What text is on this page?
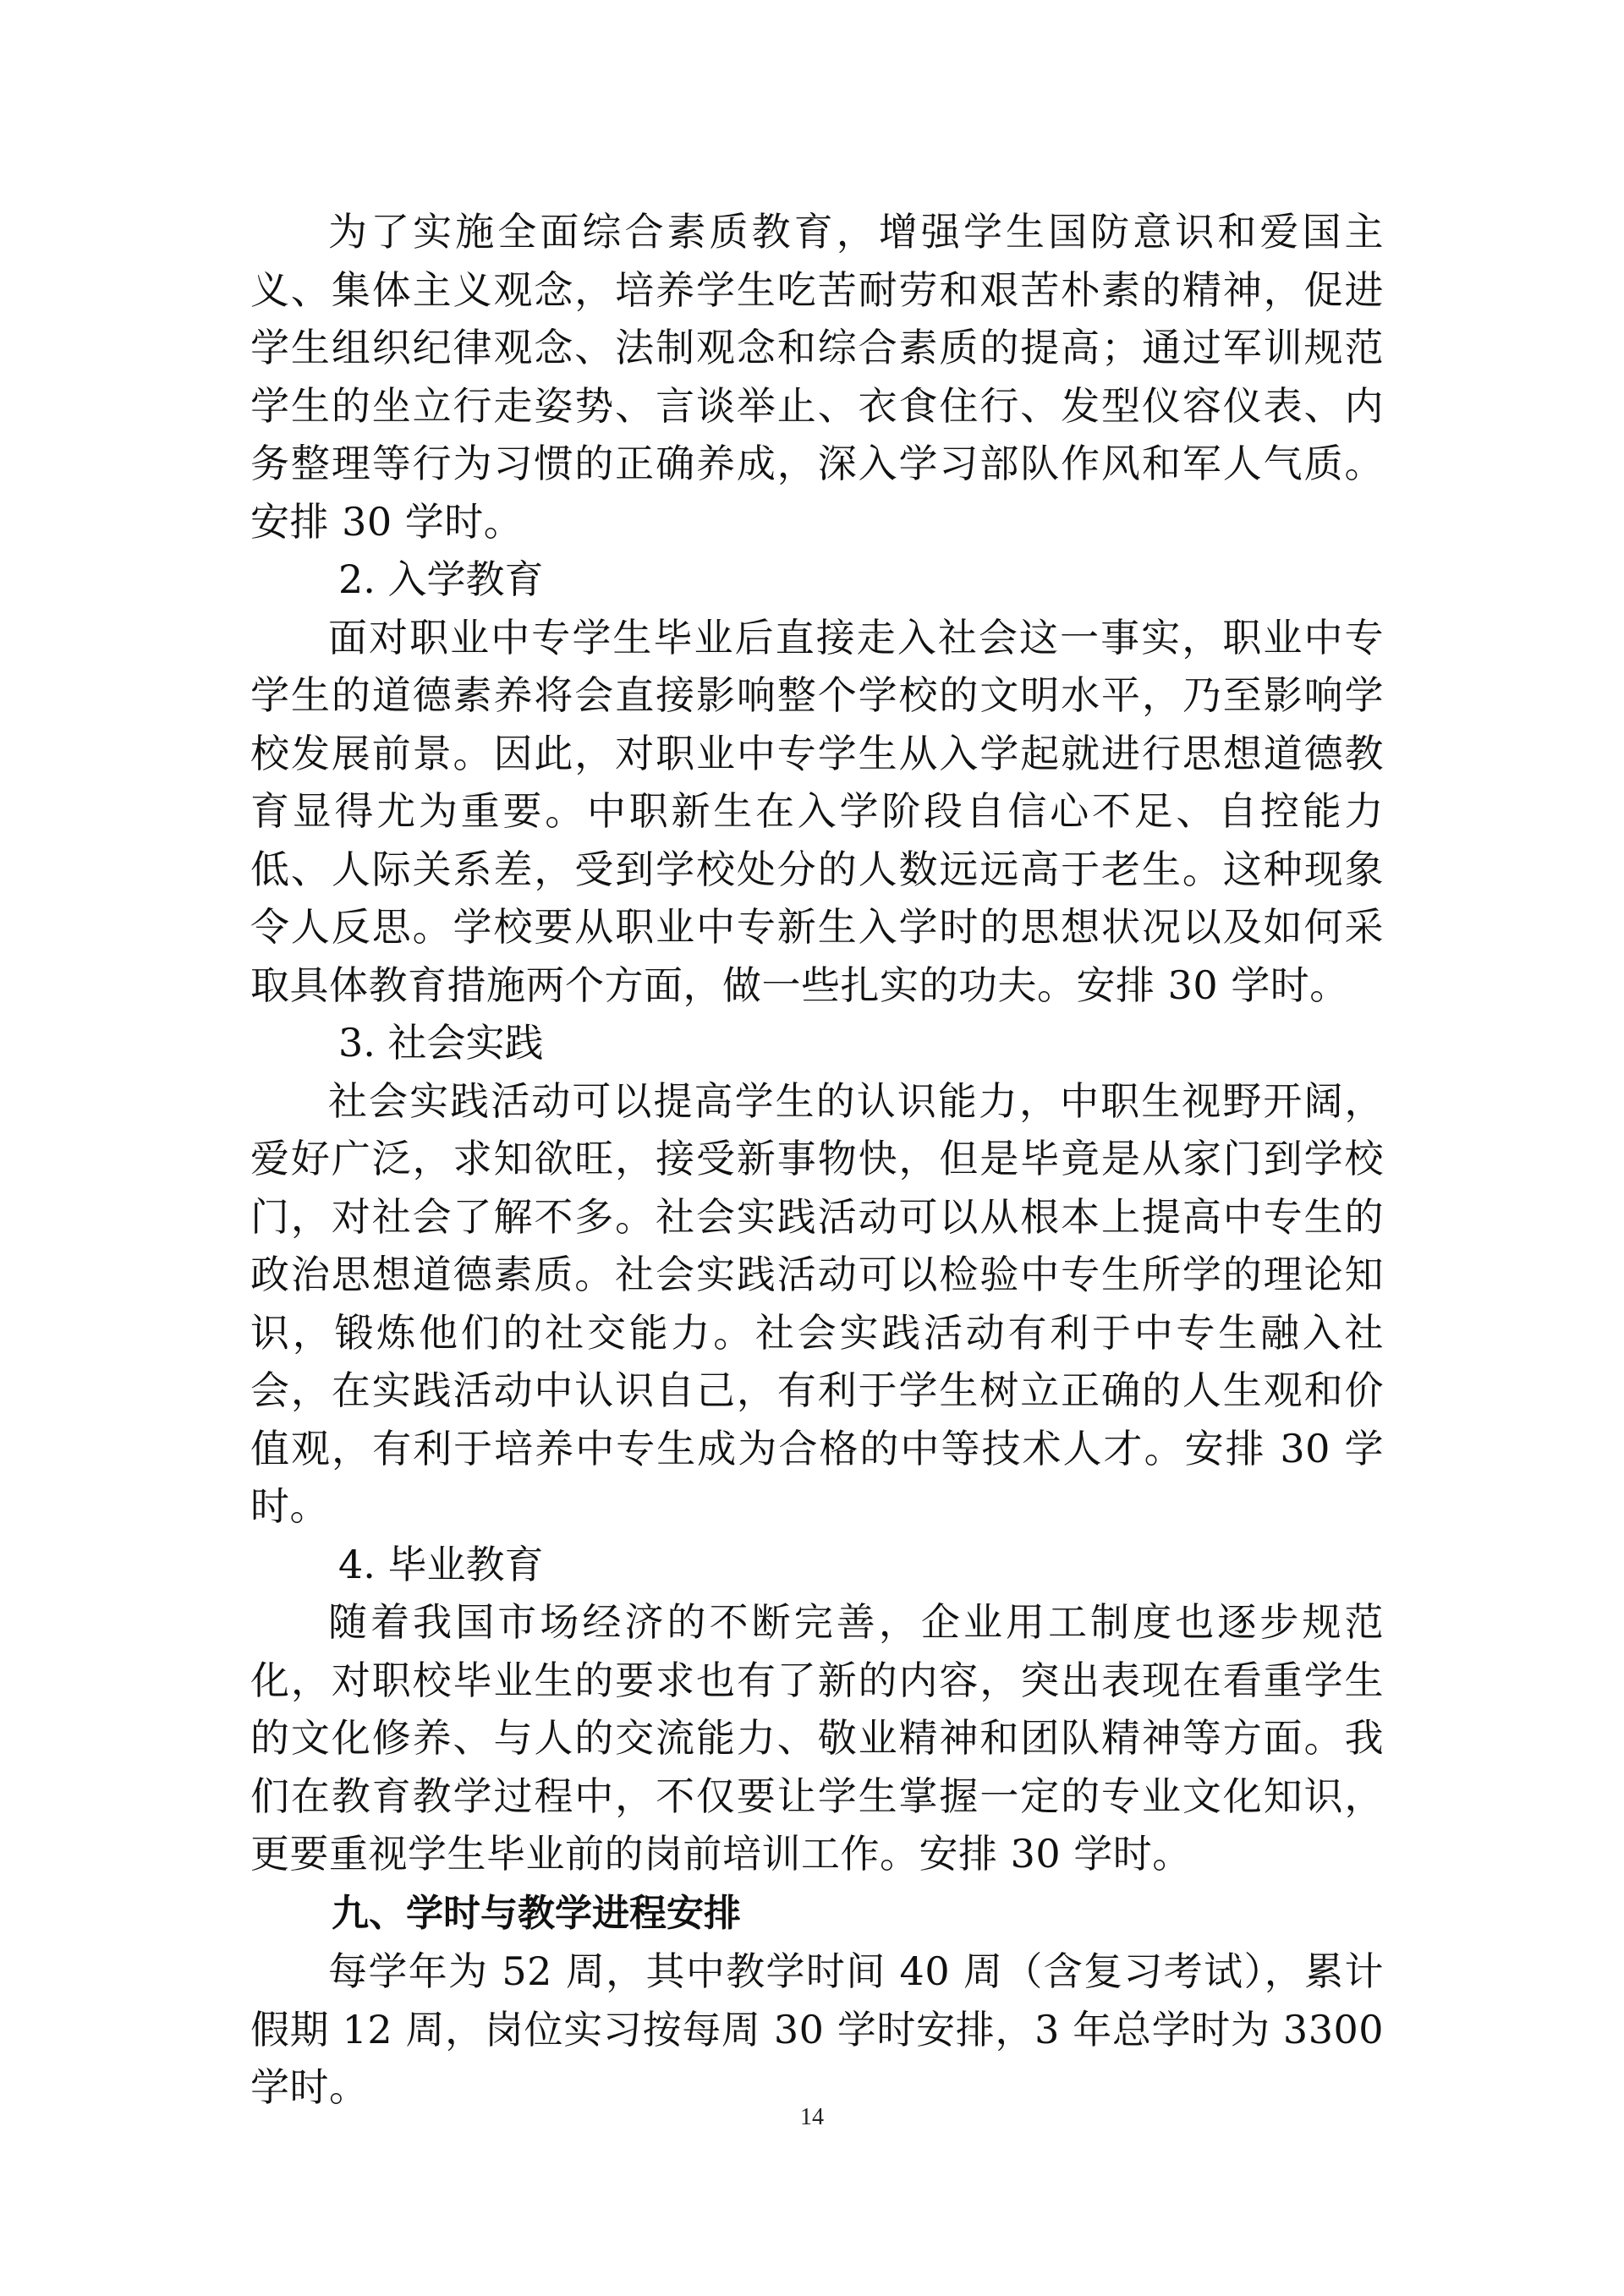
为了实施全面综合素质教育，增强学生国防意识和爱国主义、集体主义观念，培养学生吃苦耐劳和艰苦朴素的精神，促进学生组织纪律观念、法制观念和综合素质的提高；通过军训规范学生的坐立行走姿势、言谈举止、衣食住行、发型仪容仪表、内务整理等行为习惯的正确养成，深入学习部队作风和军人气质。安排 30 学时。

2. 入学教育

面对职业中专学生毕业后直接走入社会这一事实，职业中专学生的道德素养将会直接影响整个学校的文明水平，乃至影响学校发展前景。因此，对职业中专学生从入学起就进行思想道德教育显得尤为重要。中职新生在入学阶段自信心不足、自控能力低、人际关系差，受到学校处分的人数远远高于老生。这种现象令人反思。学校要从职业中专新生入学时的思想状况以及如何采取具体教育措施两个方面，做一些扎实的功夫。安排 30 学时。

3. 社会实践

社会实践活动可以提高学生的认识能力，中职生视野开阔，爱好广泛，求知欲旺，接受新事物快，但是毕竟是从家门到学校门，对社会了解不多。社会实践活动可以从根本上提高中专生的政治思想道德素质。社会实践活动可以检验中专生所学的理论知识，锻炼他们的社交能力。社会实践活动有利于中专生融入社会，在实践活动中认识自己，有利于学生树立正确的人生观和价值观，有利于培养中专生成为合格的中等技术人才。安排 30 学时。

4. 毕业教育

随着我国市场经济的不断完善，企业用工制度也逐步规范化，对职校毕业生的要求也有了新的内容，突出表现在看重学生的文化修养、与人的交流能力、敬业精神和团队精神等方面。我们在教育教学过程中，不仅要让学生掌握一定的专业文化知识，更要重视学生毕业前的岗前培训工作。安排 30 学时。

九、学时与教学进程安排

每学年为 52 周，其中教学时间 40 周（含复习考试），累计假期 12 周，岗位实习按每周 30 学时安排，3 年总学时为 3300 学时。

14
